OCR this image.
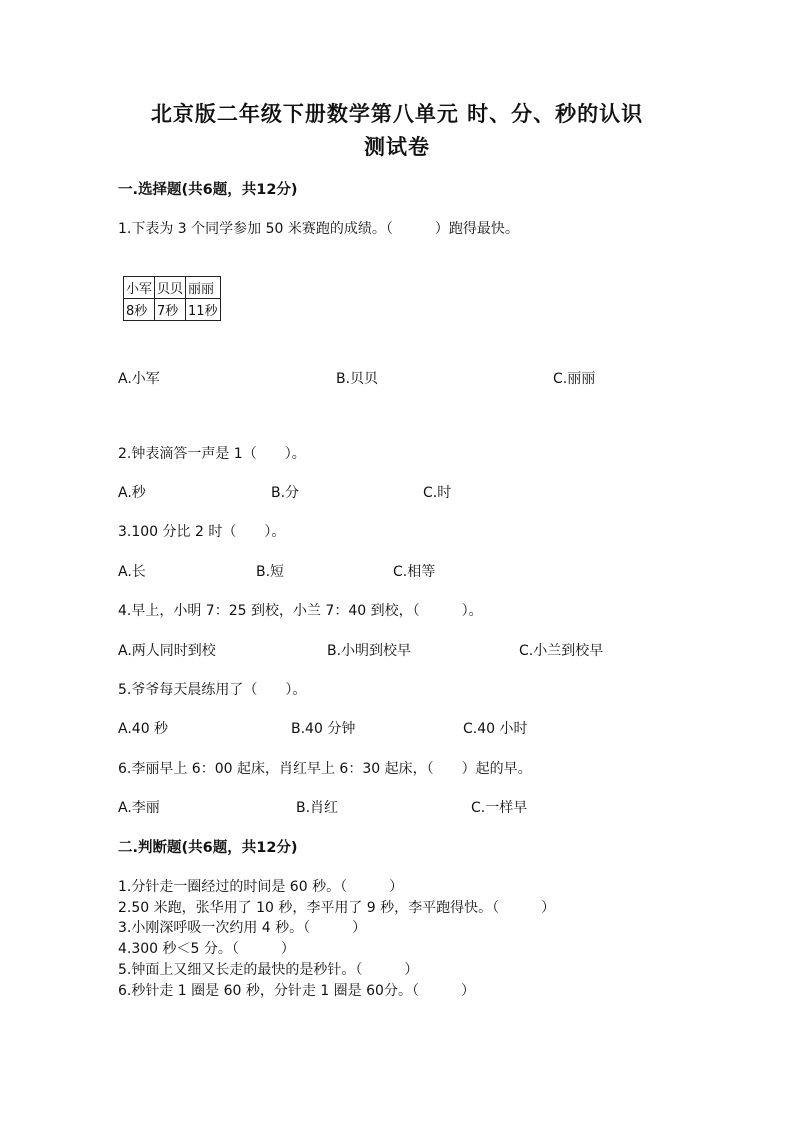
北京版二年级下册数学第八单元 时、分、秒的认识
测试卷
一.选择题(共6题，共12分)
1.下表为 3 个同学参加 50 米赛跑的成绩。（　　　）跑得最快。
小军	贝贝	丽丽
8秒	7秒	11秒
A.小军	B.贝贝	C.丽丽
2.钟表滴答一声是 1（　　）。
A.秒	B.分	C.时
3.100 分比 2 时（　　）。
A.长	B.短	C.相等
4.早上，小明 7：25 到校，小兰 7：40 到校，（　　　）。
A.两人同时到校	B.小明到校早	C.小兰到校早
5.爷爷每天晨练用了（　　）。
A.40 秒	B.40 分钟	C.40 小时
6.李丽早上 6：00 起床，肖红早上 6：30 起床，（　　）起的早。
A.李丽	B.肖红	C.一样早
二.判断题(共6题，共12分)
1.分针走一圈经过的时间是 60 秒。（　　　）
2.50 米跑，张华用了 10 秒，李平用了 9 秒，李平跑得快。（　　　）
3.小刚深呼吸一次约用 4 秒。（　　　）
4.300 秒＜5 分。（　　　）
5.钟面上又细又长走的最快的是秒针。（　　　）
6.秒针走 1 圈是 60 秒，分针走 1 圈是 60分。（　　　）
